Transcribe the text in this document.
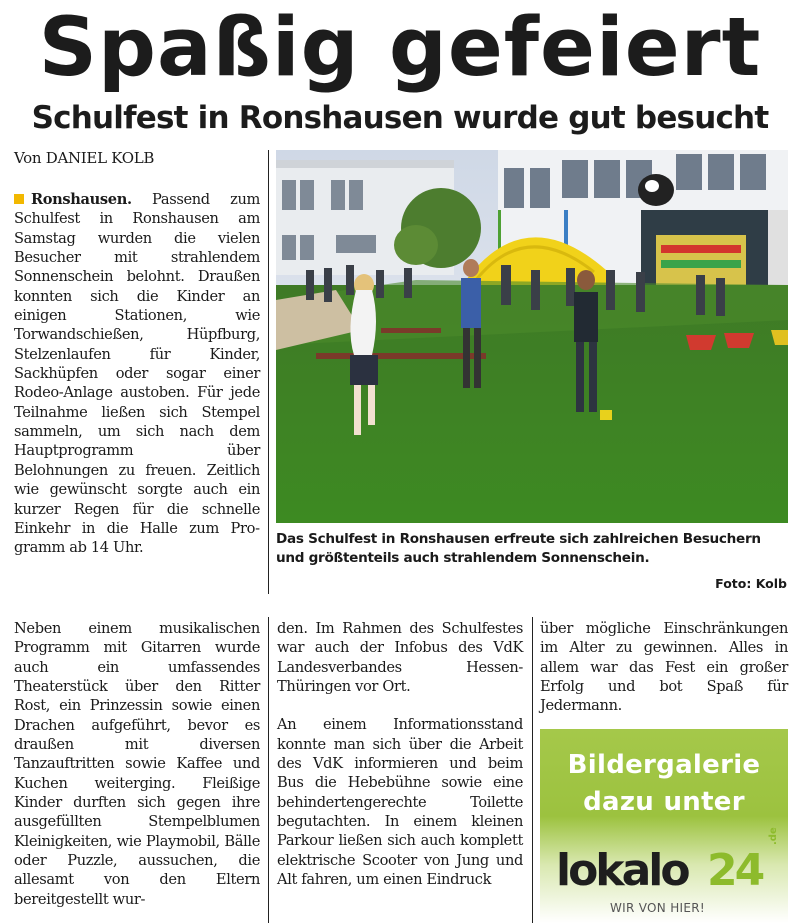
Spaßig gefeiert
Schulfest in Ronshausen wurde gut besucht
Von DANIEL KOLB

Ronshausen. Passend zum Schulfest in Ronshausen am Samstag wurden die vielen Besucher mit strahlendem Sonnenschein belohnt. Draußen konnten sich die Kinder an einigen Stationen, wie Torwandschießen, Hüpfburg, Stelzenlaufen für Kinder, Sackhüpfen oder sogar einer Rodeo-Anlage austoben. Für jede Teilnahme ließen sich Stempel sammeln, um sich nach dem Hauptprogramm über Belohnungen zu freuen. Zeitlich wie gewünscht sorgte auch ein kurzer Regen für die schnelle Einkehr in die Halle zum Programm ab 14 Uhr.

Das Schulfest in Ronshausen erfreute sich zahlreichen Besuchern und größtenteils auch strahlendem Sonnenschein.
Foto: Kolb

Neben einem musikalischen Programm mit Gitarren wurde auch ein umfassendes Theaterstück über den Ritter Rost, ein Prinzessin sowie einen Drachen aufgeführt, bevor es draußen mit diversen Tanzauftritten sowie Kaffee und Kuchen weiterging. Fleißige Kinder durften sich gegen ihre ausgefüllten Stempelblumen Kleinigkeiten, wie Playmobil, Bälle oder Puzzle, aussuchen, die allesamt von den Eltern bereitgestellt wur-

den. Im Rahmen des Schulfestes war auch der Infobus des VdK Landesverbandes Hessen-Thüringen vor Ort.

An einem Informationsstand konnte man sich über die Arbeit des VdK informieren und beim Bus die Hebebühne sowie eine behindertengerechte Toilette begutachten. In einem kleinen Parkour ließen sich auch komplett elektrische Scooter von Jung und Alt fahren, um einen Eindruck

über mögliche Einschränkungen im Alter zu gewinnen. Alles in allem war das Fest ein großer Erfolg und bot Spaß für Jedermann.

Bildergalerie
dazu unter
lokalo 24
.de
WIR VON HIER!
